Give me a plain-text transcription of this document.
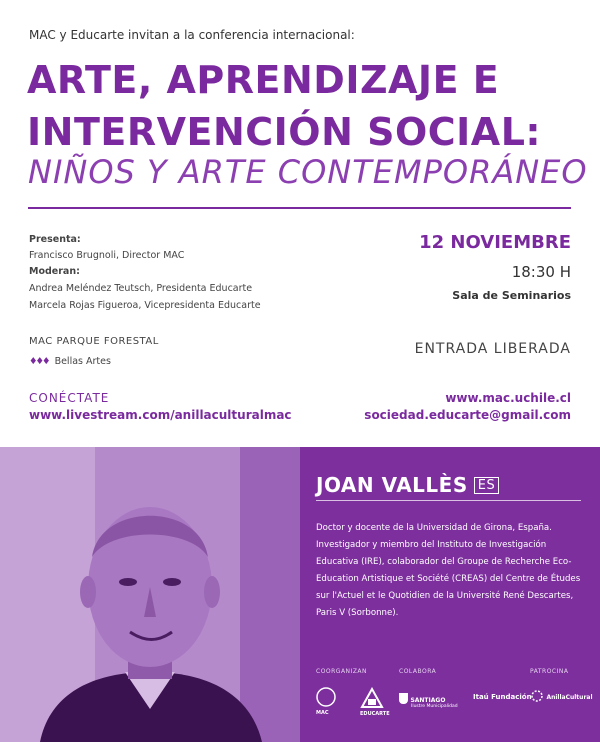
MAC y Educarte invitan a la conferencia internacional:
ARTE, APRENDIZAJE E
INTERVENCIÓN SOCIAL:
NIÑOS Y ARTE CONTEMPORÁNEO
Presenta:
Francisco Brugnoli, Director MAC
Moderan:
Andrea Meléndez Teutsch, Presidenta Educarte
Marcela Rojas Figueroa, Vicepresidenta Educarte
12 NOVIEMBRE
18:30 H
Sala de Seminarios
ENTRADA LIBERADA
MAC PARQUE FORESTAL
♦♦♦ Bellas Artes
CONÉCTATE
www.livestream.com/anillaculturalmac
www.mac.uchile.cl
sociedad.educarte@gmail.com
JOAN VALLÈS ES
Doctor y docente de la Universidad de Girona, España. Investigador y miembro del Instituto de Investigación Educativa (IRE), colaborador del Groupe de Recherche Eco-Education Artistique et Société (CREAS) del Centre de Études sur l'Actuel et le Quotidien de la Université René Descartes, Paris V (Sorbonne).
COORGANIZAN	COLABORA	PATROCINA
MAC	EDUCARTE
SANTIAGO
Ilustre Municipalidad
Itaú Fundación	AnillaCultural
